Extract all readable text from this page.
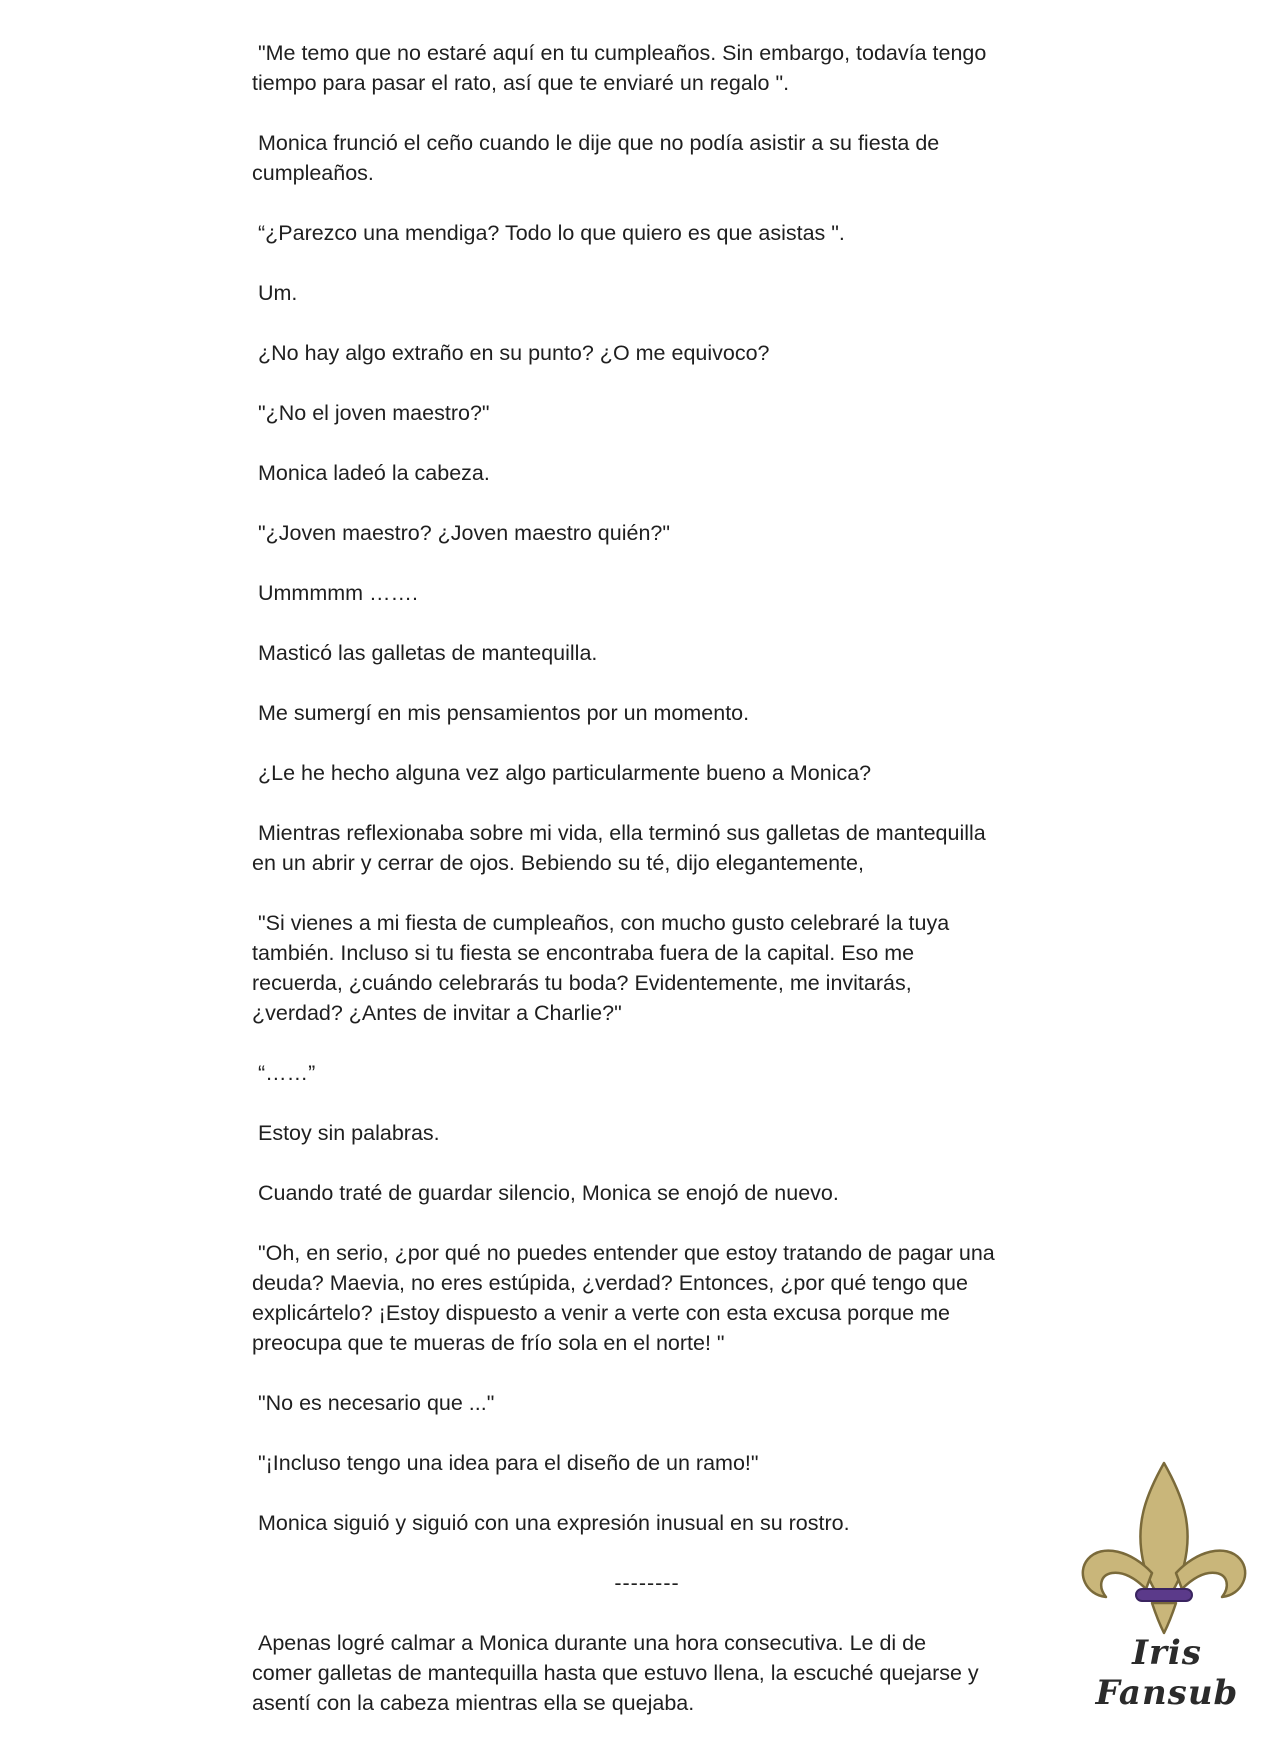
"Me temo que no estaré aquí en tu cumpleaños. Sin embargo, todavía tengo
tiempo para pasar el rato, así que te enviaré un regalo ".

Monica frunció el ceño cuando le dije que no podía asistir a su fiesta de
cumpleaños.

“¿Parezco una mendiga? Todo lo que quiero es que asistas ".

Um.

¿No hay algo extraño en su punto? ¿O me equivoco?

"¿No el joven maestro?"

Monica ladeó la cabeza.

"¿Joven maestro? ¿Joven maestro quién?"

Ummmmm …….

Masticó las galletas de mantequilla.

Me sumergí en mis pensamientos por un momento.

¿Le he hecho alguna vez algo particularmente bueno a Monica?

Mientras reflexionaba sobre mi vida, ella terminó sus galletas de mantequilla
en un abrir y cerrar de ojos. Bebiendo su té, dijo elegantemente,

"Si vienes a mi fiesta de cumpleaños, con mucho gusto celebraré la tuya
también. Incluso si tu fiesta se encontraba fuera de la capital. Eso me
recuerda, ¿cuándo celebrarás tu boda? Evidentemente, me invitarás,
¿verdad? ¿Antes de invitar a Charlie?"

“……”

Estoy sin palabras.

Cuando traté de guardar silencio, Monica se enojó de nuevo.

"Oh, en serio, ¿por qué no puedes entender que estoy tratando de pagar una
deuda? Maevia, no eres estúpida, ¿verdad? Entonces, ¿por qué tengo que
explicártelo? ¡Estoy dispuesto a venir a verte con esta excusa porque me
preocupa que te mueras de frío sola en el norte! "

"No es necesario que ..."

"¡Incluso tengo una idea para el diseño de un ramo!"

Monica siguió y siguió con una expresión inusual en su rostro.

--------

Apenas logré calmar a Monica durante una hora consecutiva. Le di de
comer galletas de mantequilla hasta que estuvo llena, la escuché quejarse y
asentí con la cabeza mientras ella se quejaba.

Iris Fansub
